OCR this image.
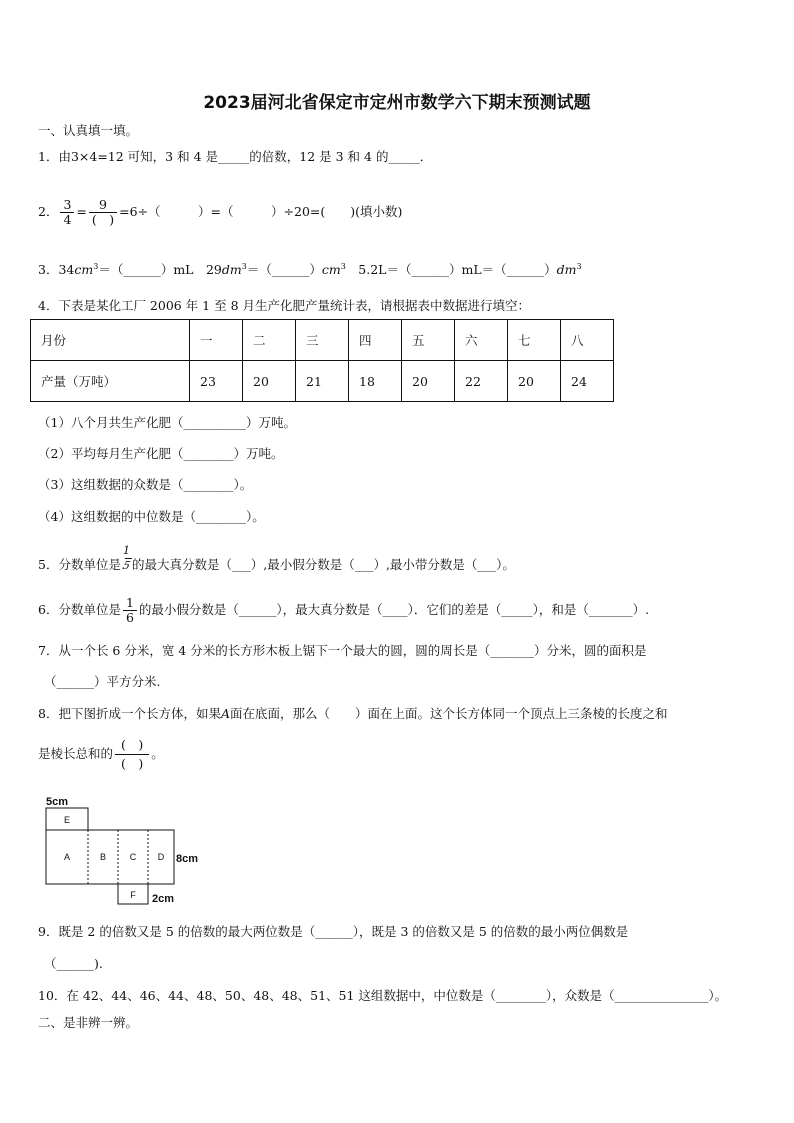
2023届河北省保定市定州市数学六下期末预测试题
一、认真填一填。
1．由3×4=12 可知，3 和 4 是_____的倍数，12 是 3 和 4 的_____．
2． $\frac{3}{4} = \frac{9}{( )} =6\div$（　　　）=（　　　）÷20=(　　)(填小数)
3．$34cm^3=(\_\_\_\_\_\_)mL$　$29dm^3=(\_\_\_\_\_\_)cm^3$　$5.2L=(\_\_\_\_\_\_)mL=(\_\_\_\_\_\_)dm^3$
4．下表是某化工厂 2006 年 1 至 8 月生产化肥产量统计表，请根据表中数据进行填空：
月份	一	二	三	四	五	六	七	八
产量（万吨）	23	20	21	18	20	22	20	24
（1）八个月共生产化肥（__________）万吨。
（2）平均每月生产化肥（________）万吨。
（3）这组数据的众数是（________）。
（4）这组数据的中位数是（________）。
5．分数单位是 $\frac{1}{5}$ 的最大真分数是（___）,最小假分数是（___）,最小带分数是（___）。
6．分数单位是 $\frac{1}{6}$ 的最小假分数是（______），最大真分数是（____）．它们的差是（_____），和是（_______）.
7．从一个长 6 分米，宽 4 分米的长方形木板上锯下一个最大的圆，圆的周长是（_______）分米，圆的面积是
（______）平方分米.
8．把下图折成一个长方体，如果A面在底面，那么（　　）面在上面。这个长方体同一个顶点上三条棱的长度之和
是棱长总和的 $\frac{( )}{( )}$ 。
E
A	B	C D
F
5cm
8cm
2cm
9．既是 2 的倍数又是 5 的倍数的最大两位数是（______），既是 3 的倍数又是 5 的倍数的最小两位偶数是
（______).
10．在 42、44、46、44、48、50、48、48、51、51 这组数据中，中位数是（________），众数是（_______________）。
二、是非辨一辨。
